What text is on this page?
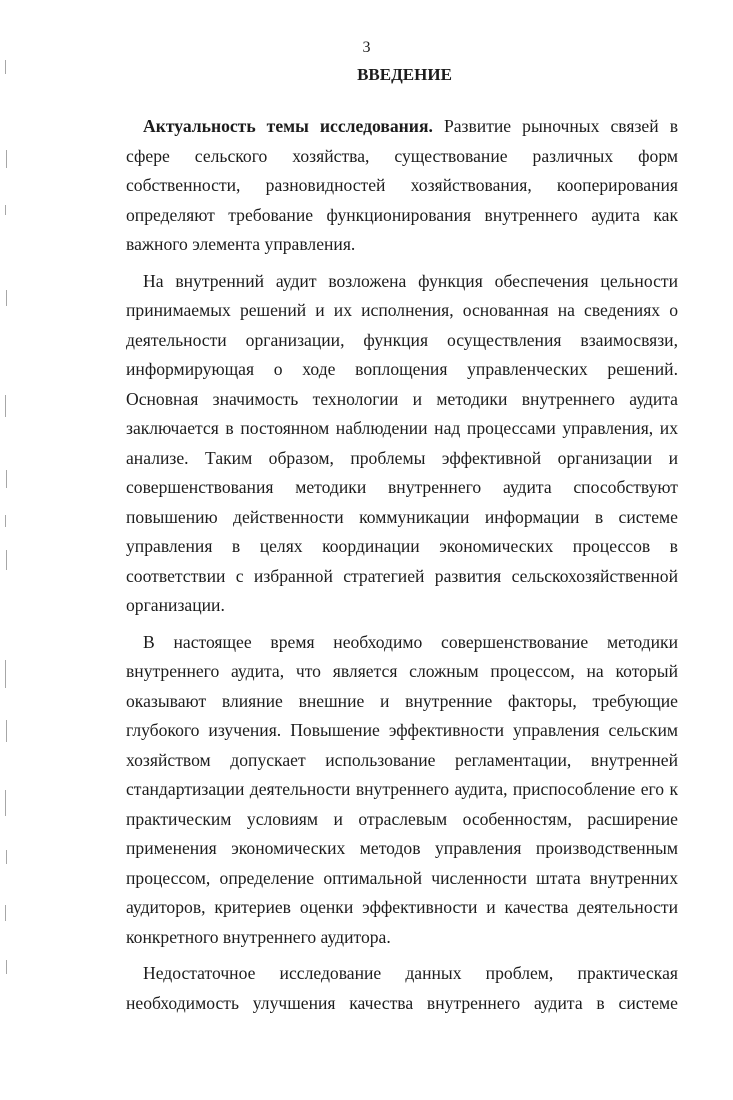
3
ВВЕДЕНИЕ

Актуальность темы исследования. Развитие рыночных связей в сфере сельского хозяйства, существование различных форм собственности, разновидностей хозяйствования, кооперирования определяют требование функционирования внутреннего аудита как важного элемента управления.

На внутренний аудит возложена функция обеспечения цельности принимаемых решений и их исполнения, основанная на сведениях о деятельности организации, функция осуществления взаимосвязи, информирующая о ходе воплощения управленческих решений. Основная значимость технологии и методики внутреннего аудита заключается в постоянном наблюдении над процессами управления, их анализе. Таким образом, проблемы эффективной организации и совершенствования методики внутреннего аудита способствуют повышению действенности коммуникации информации в системе управления в целях координации экономических процессов в соответствии с избранной стратегией развития сельскохозяйственной организации.

В настоящее время необходимо совершенствование методики внутреннего аудита, что является сложным процессом, на который оказывают влияние внешние и внутренние факторы, требующие глубокого изучения. Повышение эффективности управления сельским хозяйством допускает использование регламентации, внутренней стандартизации деятельности внутреннего аудита, приспособление его к практическим условиям и отраслевым особенностям, расширение применения экономических методов управления производственным процессом, определение оптимальной численности штата внутренних аудиторов, критериев оценки эффективности и качества деятельности конкретного внутреннего аудитора.

Недостаточное исследование данных проблем, практическая необходимость улучшения качества внутреннего аудита в системе
